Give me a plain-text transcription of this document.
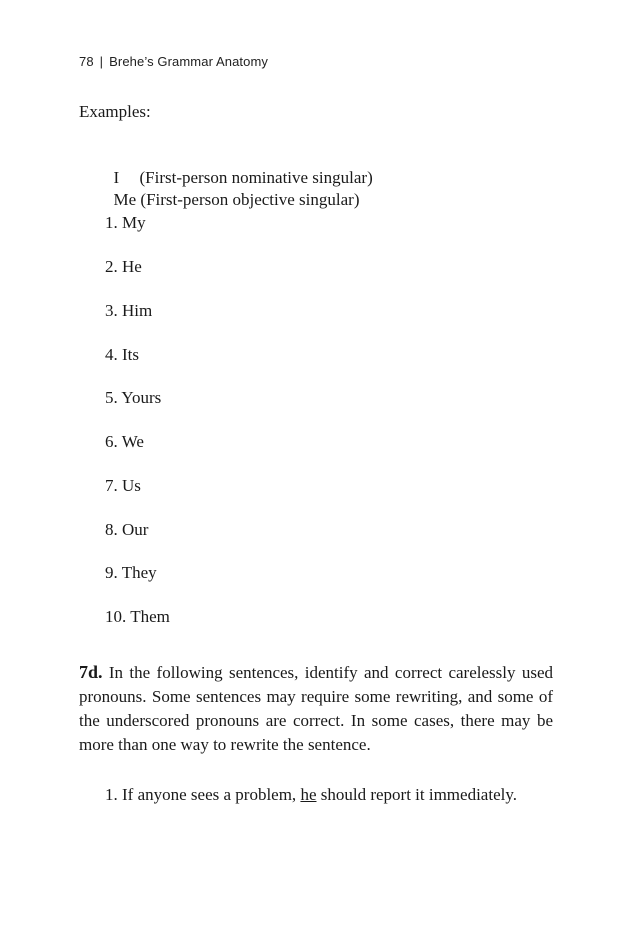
78 | Brehe’s Grammar Anatomy
Examples:

I (First-person nominative singular)

Me (First-person objective singular)

1. My
2. He
3. Him
4. Its
5. Yours
6. We
7. Us
8. Our
9. They
10. Them
7d. In the following sentences, identify and correct carelessly used pronouns. Some sentences may require some rewriting, and some of the underscored pronouns are correct. In some cases, there may be more than one way to rewrite the sentence.
1. If anyone sees a problem, he should report it immediately.
